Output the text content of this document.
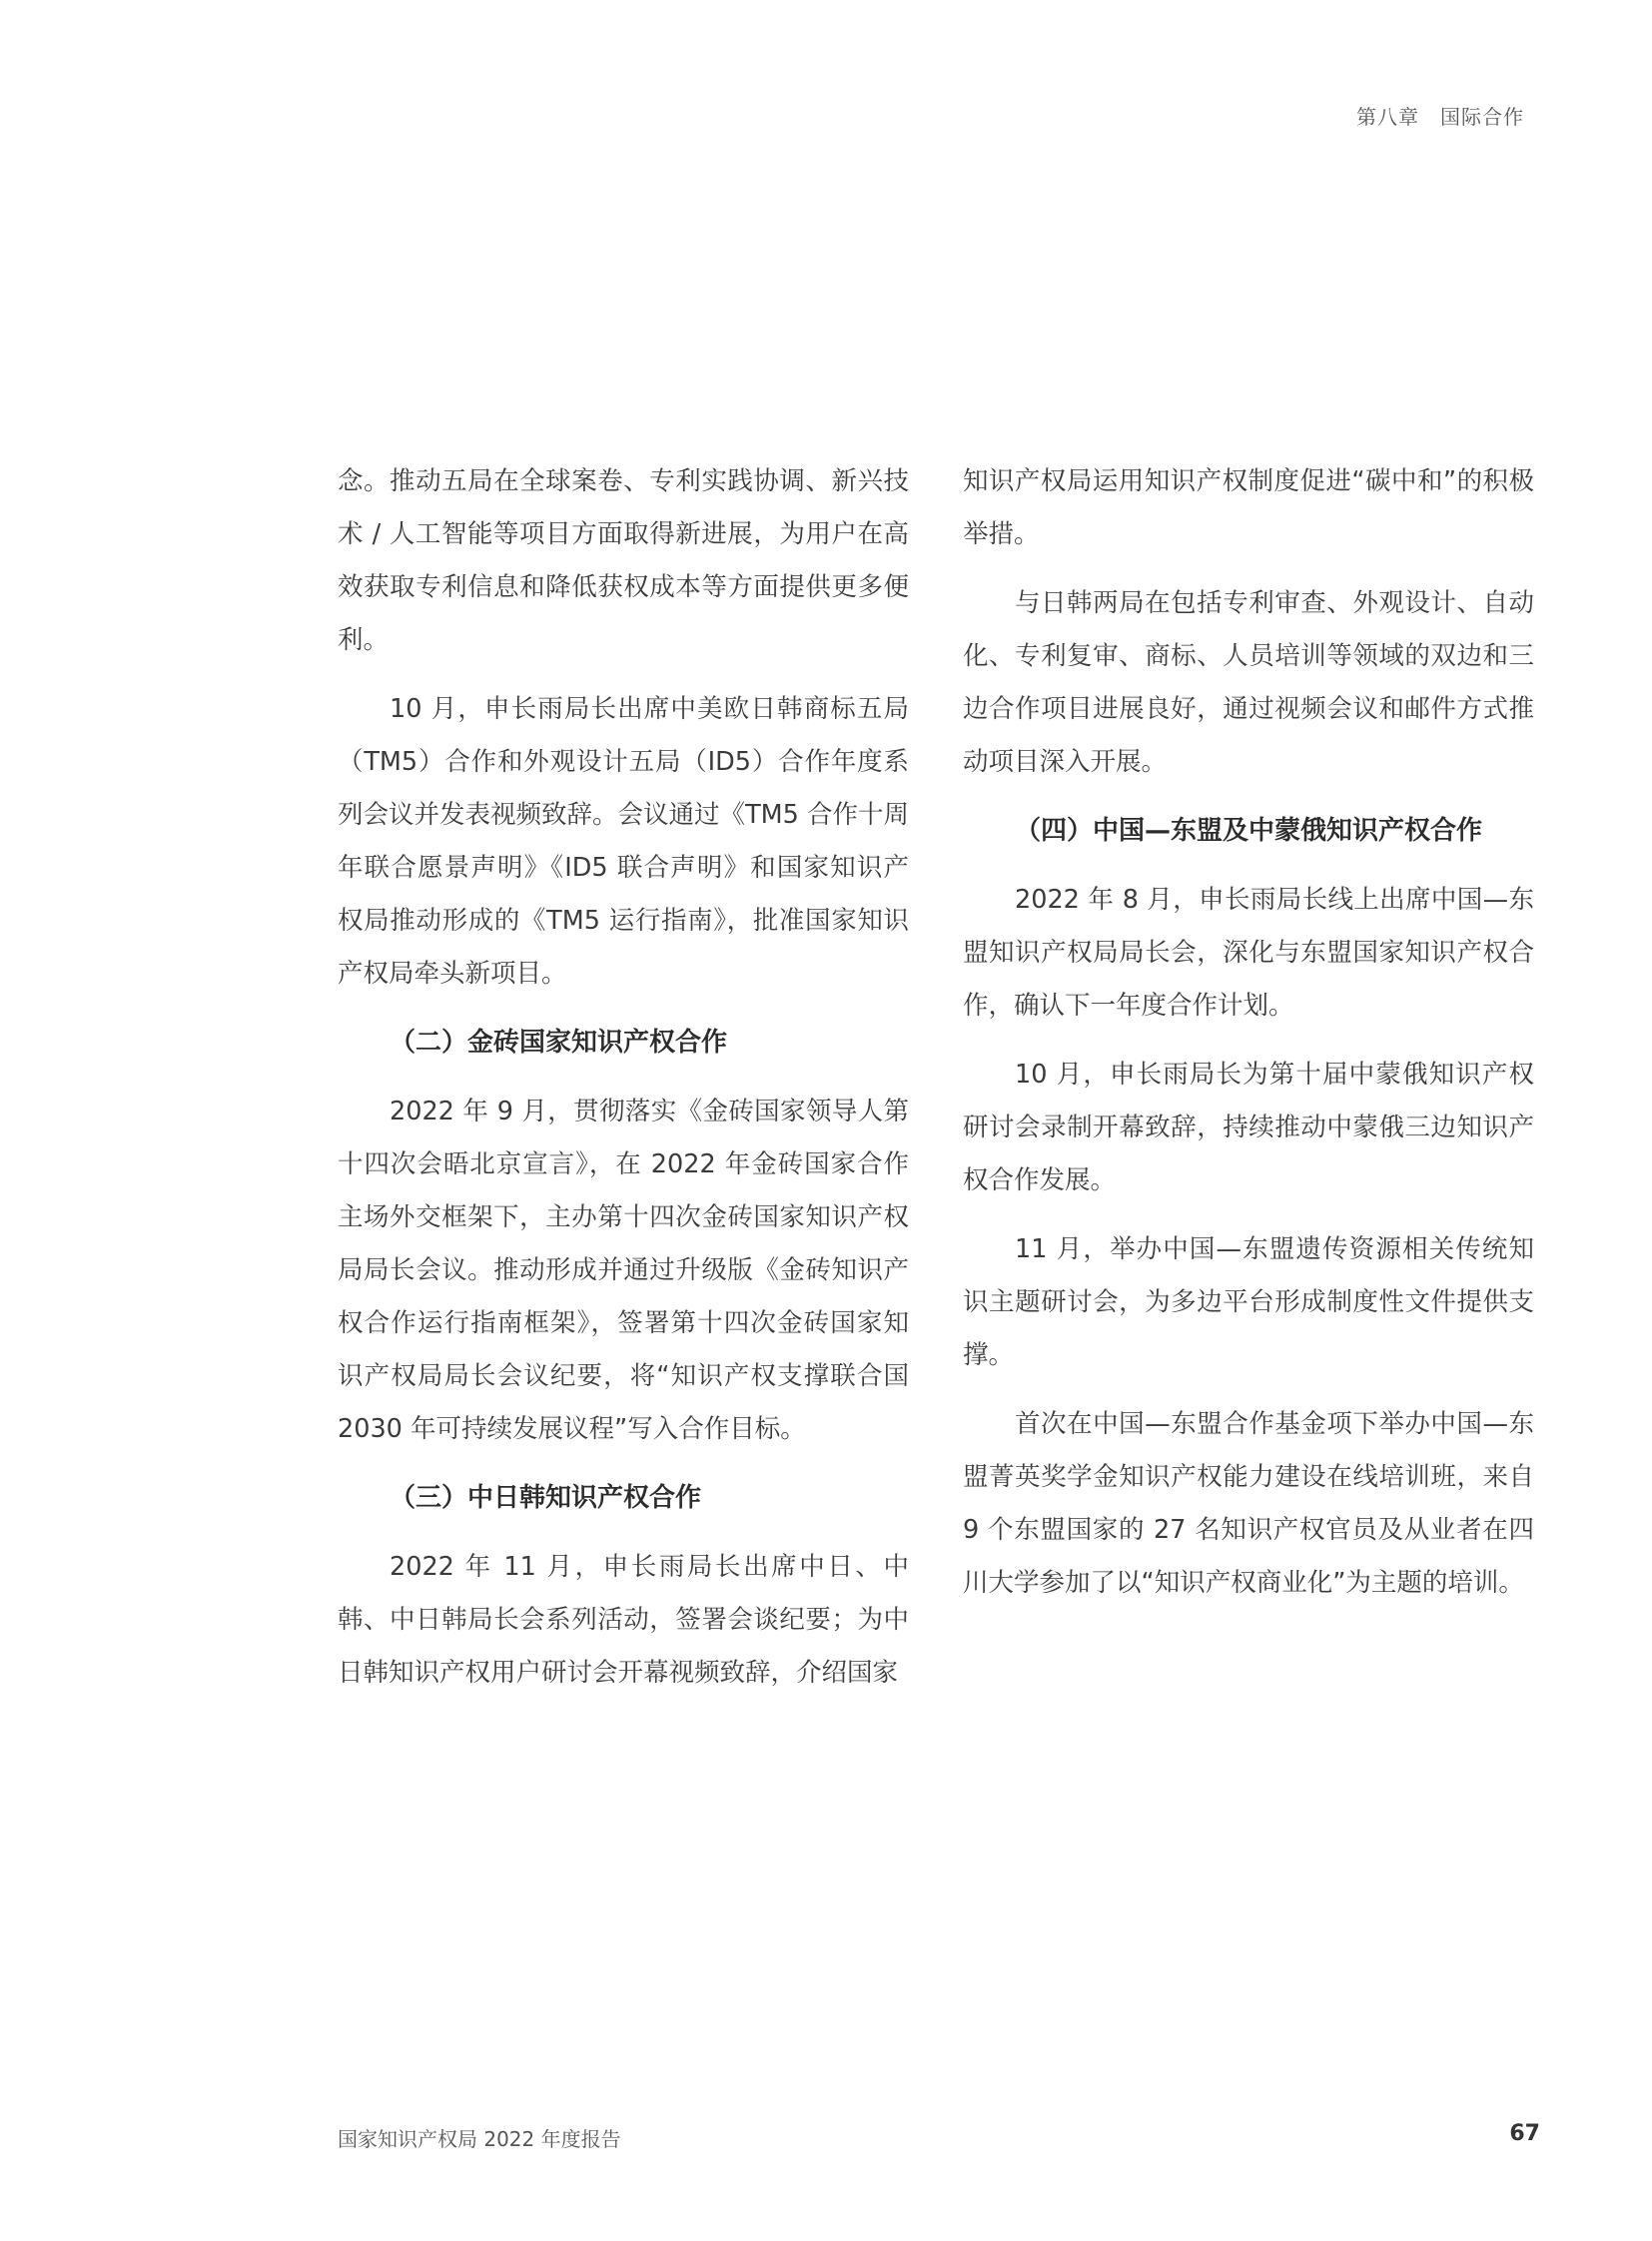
第八章　国际合作

念。推动五局在全球案卷、专利实践协调、新兴技术 / 人工智能等项目方面取得新进展，为用户在高效获取专利信息和降低获权成本等方面提供更多便利。

10 月，申长雨局长出席中美欧日韩商标五局（TM5）合作和外观设计五局（ID5）合作年度系列会议并发表视频致辞。会议通过《TM5 合作十周年联合愿景声明》《ID5 联合声明》和国家知识产权局推动形成的《TM5 运行指南》，批准国家知识产权局牵头新项目。

（二）金砖国家知识产权合作

2022 年 9 月，贯彻落实《金砖国家领导人第十四次会晤北京宣言》，在 2022 年金砖国家合作主场外交框架下，主办第十四次金砖国家知识产权局局长会议。推动形成并通过升级版《金砖知识产权合作运行指南框架》，签署第十四次金砖国家知识产权局局长会议纪要，将“知识产权支撑联合国 2030 年可持续发展议程”写入合作目标。

（三）中日韩知识产权合作

2022 年 11 月，申长雨局长出席中日、中韩、中日韩局长会系列活动，签署会谈纪要；为中日韩知识产权用户研讨会开幕视频致辞，介绍国家

知识产权局运用知识产权制度促进“碳中和”的积极举措。

与日韩两局在包括专利审查、外观设计、自动化、专利复审、商标、人员培训等领域的双边和三边合作项目进展良好，通过视频会议和邮件方式推动项目深入开展。

（四）中国—东盟及中蒙俄知识产权合作

2022 年 8 月，申长雨局长线上出席中国—东盟知识产权局局长会，深化与东盟国家知识产权合作，确认下一年度合作计划。

10 月，申长雨局长为第十届中蒙俄知识产权研讨会录制开幕致辞，持续推动中蒙俄三边知识产权合作发展。

11 月，举办中国—东盟遗传资源相关传统知识主题研讨会，为多边平台形成制度性文件提供支撑。

首次在中国—东盟合作基金项下举办中国—东盟菁英奖学金知识产权能力建设在线培训班，来自 9 个东盟国家的 27 名知识产权官员及从业者在四川大学参加了以“知识产权商业化”为主题的培训。

国家知识产权局 2022 年度报告	67
